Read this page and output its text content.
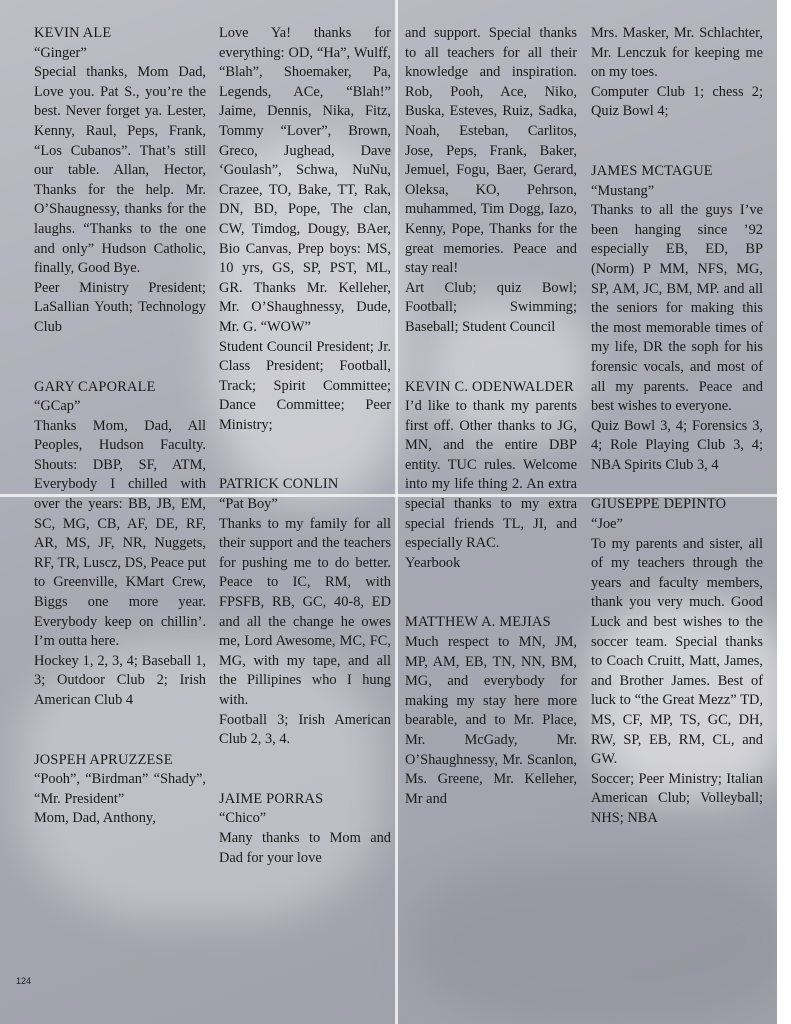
KEVIN ALE
“Ginger”
Special thanks, Mom Dad, Love you. Pat S., you’re the best. Never forget ya. Lester, Kenny, Raul, Peps, Frank, “Los Cubanos”. That’s still our table. Allan, Hector, Thanks for the help. Mr. O’Shaugnessy, thanks for the laughs. “Thanks to the one and only” Hudson Catholic, finally, Good Bye.
Peer Ministry President; LaSallian Youth; Technology Club
GARY CAPORALE
“GCap”
Thanks Mom, Dad, All Peoples, Hudson Faculty. Shouts: DBP, SF, ATM, Everybody I chilled with over the years: BB, JB, EM, SC, MG, CB, AF, DE, RF, AR, MS, JF, NR, Nuggets, RF, TR, Luscz, DS, Peace put to Greenville, KMart Crew, Biggs one more year. Everybody keep on chillin’. I’m outta here.
Hockey 1, 2, 3, 4; Baseball 1, 3; Outdoor Club 2; Irish American Club 4
JOSPEH APRUZZESE
“Pooh”, “Birdman” “Shady”, “Mr. President”
Mom, Dad, Anthony,
Love Ya! thanks for everything: OD, “Ha”, Wulff, “Blah”, Shoemaker, Pa, Legends, ACe, “Blah!” Jaime, Dennis, Nika, Fitz, Tommy “Lover”, Brown, Greco, Jughead, Dave ‘Goulash”, Schwa, NuNu, Crazee, TO, Bake, TT, Rak, DN, BD, Pope, The clan, CW, Timdog, Dougy, BAer, Bio Canvas, Prep boys: MS, 10 yrs, GS, SP, PST, ML, GR. Thanks Mr. Kelleher, Mr. O’Shaughnessy, Dude, Mr. G. “WOW”
Student Council President; Jr. Class President; Football, Track; Spirit Committee; Dance Committee; Peer Ministry;
PATRICK CONLIN
“Pat Boy”
Thanks to my family for all their support and the teachers for pushing me to do better. Peace to IC, RM, with FPSFB, RB, GC, 40-8, ED and all the change he owes me, Lord Awesome, MC, FC, MG, with my tape, and all the Pillipines who I hung with.
Football 3; Irish American Club 2, 3, 4.
JAIME PORRAS
“Chico”
Many thanks to Mom and Dad for your love
and support. Special thanks to all teachers for all their knowledge and inspiration. Rob, Pooh, Ace, Niko, Buska, Esteves, Ruiz, Sadka, Noah, Esteban, Carlitos, Jose, Peps, Frank, Baker, Jemuel, Fogu, Baer, Gerard, Oleksa, KO, Pehrson, muhammed, Tim Dogg, Iazo, Kenny, Pope, Thanks for the great memories. Peace and stay real!
Art Club; quiz Bowl; Football; Swimming; Baseball; Student Council
KEVIN C. ODENWALDER
I’d like to thank my parents first off. Other thanks to JG, MN, and the entire DBP entity. TUC rules. Welcome into my life thing 2. An extra special thanks to my extra special friends TL, JI, and especially RAC.
Yearbook
MATTHEW A. MEJIAS
Much respect to MN, JM, MP, AM, EB, TN, NN, BM, MG, and everybody for making my stay here more bearable, and to Mr. Place, Mr. McGady, Mr. O’Shaughnessy, Mr. Scanlon, Ms. Greene, Mr. Kelleher, Mr and
Mrs. Masker, Mr. Schlachter, Mr. Lenczuk for keeping me on my toes.
Computer Club 1; chess 2; Quiz Bowl 4;
JAMES MCTAGUE
“Mustang”
Thanks to all the guys I’ve been hanging since ’92 especially EB, ED, BP (Norm) P MM, NFS, MG, SP, AM, JC, BM, MP. and all the seniors for making this the most memorable times of my life, DR the soph for his forensic vocals, and most of all my parents. Peace and best wishes to everyone.
Quiz Bowl 3, 4; Forensics 3, 4; Role Playing Club 3, 4; NBA Spirits Club 3, 4
GIUSEPPE DEPINTO
“Joe”
To my parents and sister, all of my teachers through the years and faculty members, thank you very much. Good Luck and best wishes to the soccer team. Special thanks to Coach Cruitt, Matt, James, and Brother James. Best of luck to “the Great Mezz” TD, MS, CF, MP, TS, GC, DH, RW, SP, EB, RM, CL, and GW.
Soccer; Peer Ministry; Italian American Club; Volleyball; NHS; NBA
124
